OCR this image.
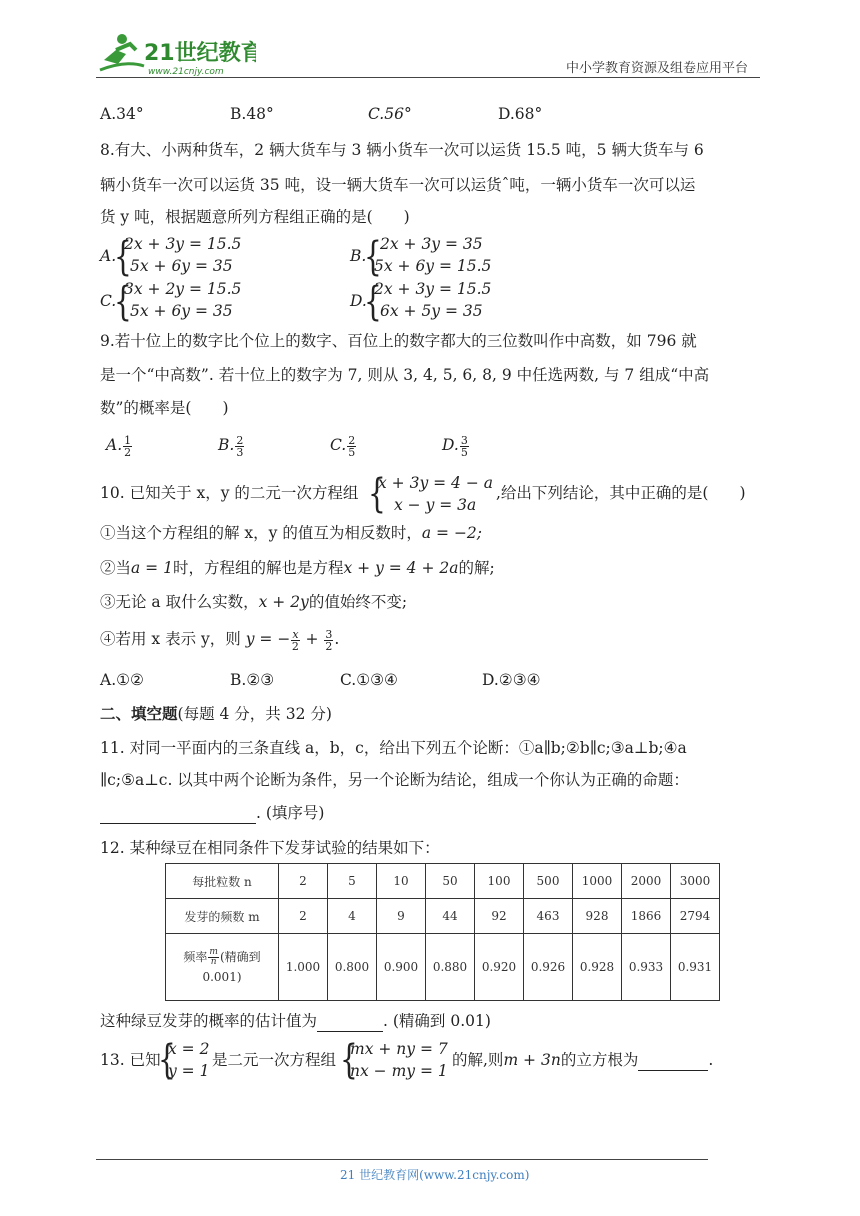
21世纪教育
www.21cnjy.com	中小学教育资源及组卷应用平台
A.34°	B.48°	C.56°	D.68°
8.有大、小两种货车，2 辆大货车与 3 辆小货车一次可以运货 15.5 吨，5 辆大货车与 6
辆小货车一次可以运货 35 吨，设一辆大货车一次可以运货ˆ吨，一辆小货车一次可以运
货 y 吨，根据题意所列方程组正确的是(　　)
A.
{
2x + 3y = 15.5
5x + 6y = 35
B.
{
2x + 3y = 35
5x + 6y = 15.5
C.
{
3x + 2y = 15.5
5x + 6y = 35
D.
{
2x + 3y = 15.5
6x + 5y = 35
9.若十位上的数字比个位上的数字、百位上的数字都大的三位数叫作中高数，如 796 就
是一个“中高数”. 若十位上的数字为 7, 则从 3, 4, 5, 6, 8, 9 中任选两数, 与 7 组成“中高
数”的概率是(　　)
A. $\frac{1}{2}$	B. $\frac{2}{3}$	C. $\frac{2}{5}$	D. $\frac{3}{5}$
10. 已知关于 x，y 的二元一次方程组 {
x + 3y = 4 − a
x − y = 3a
,给出下列结论，其中正确的是(　　)
①当这个方程组的解 x，y 的值互为相反数时，a = −2;
②当a = 1时，方程组的解也是方程x + y = 4 + 2a的解;
③无论 a 取什么实数，x + 2y的值始终不变;
④若用 x 表示 y，则 y = − $\frac{x}{2} + \frac{3}{2}$ .
A.①②	B.②③	C.①③④	D.②③④
二、填空题(每题 4 分，共 32 分)
11. 对同一平面内的三条直线 a，b，c，给出下列五个论断：①a∥b;②b∥c;③a⊥b;④a
∥c;⑤a⊥c. 以其中两个论断为条件，另一个论断为结论，组成一个你认为正确的命题：
. (填序号)
12. 某种绿豆在相同条件下发芽试验的结果如下：
每批粒数 n	2	5	10	50	100	500	1000	2000	3000
发芽的频数 m	2	4	9	44	92	463	928	1866	2794
频率 $\frac{m}{n}$ (精确到
0.001)	1.000	0.800	0.900	0.880	0.920	0.926	0.928	0.933	0.931
这种绿豆发芽的概率的估计值为	. (精确到 0.01)
13. 已知
{
x = 2
y = 1
是二元一次方程组 {
mx + ny = 7
nx − my = 1
的解,则m + 3n的立方根为	.
21 世纪教育网(www.21cnjy.com)
